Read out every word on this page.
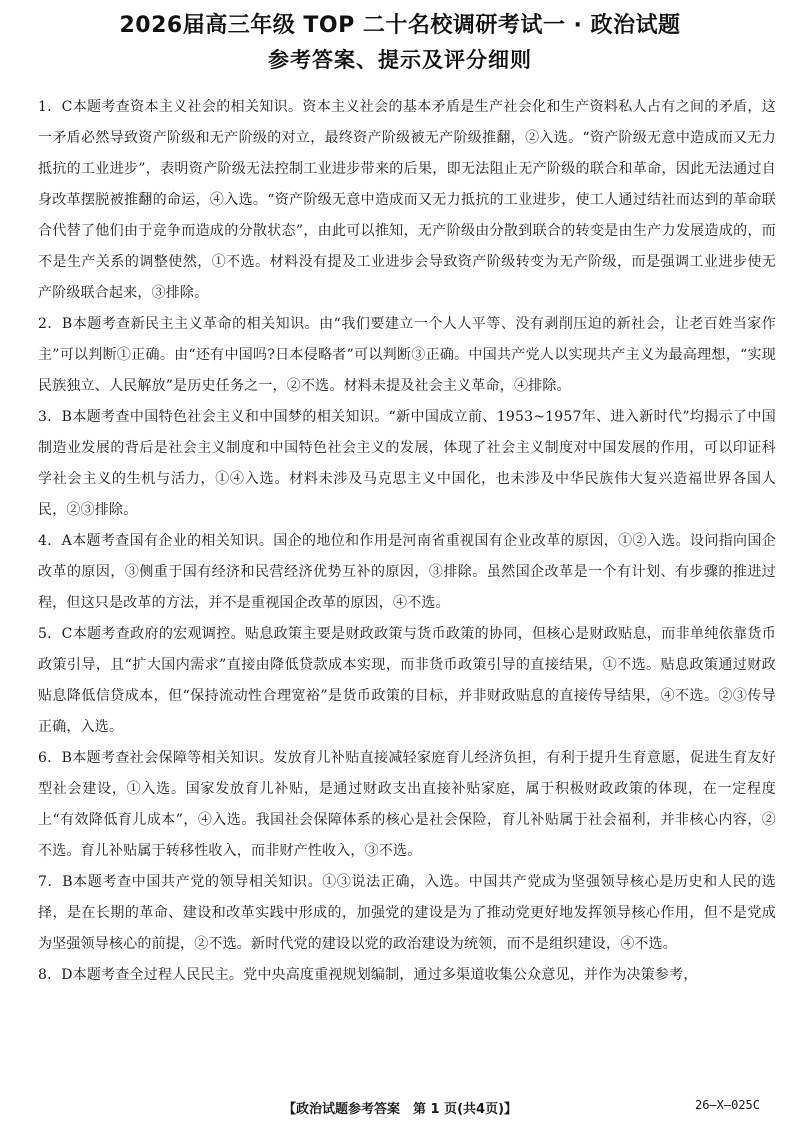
2026届高三年级 TOP 二十名校调研考试一 · 政治试题
参考答案、提示及评分细则

1．C本题考查资本主义社会的相关知识。资本主义社会的基本矛盾是生产社会化和生产资料私人占有之间的矛盾，这一矛盾必然导致资产阶级和无产阶级的对立，最终资产阶级被无产阶级推翻，②入选。“资产阶级无意中造成而又无力抵抗的工业进步”，表明资产阶级无法控制工业进步带来的后果，即无法阻止无产阶级的联合和革命，因此无法通过自身改革摆脱被推翻的命运，④入选。“资产阶级无意中造成而又无力抵抗的工业进步，使工人通过结社而达到的革命联合代替了他们由于竞争而造成的分散状态”，由此可以推知，无产阶级由分散到联合的转变是由生产力发展造成的，而不是生产关系的调整使然，①不选。材料没有提及工业进步会导致资产阶级转变为无产阶级，而是强调工业进步使无产阶级联合起来，③排除。

2．B本题考查新民主主义革命的相关知识。由“我们要建立一个人人平等、没有剥削压迫的新社会，让老百姓当家作主”可以判断①正确。由“还有中国吗?日本侵略者”可以判断③正确。中国共产党人以实现共产主义为最高理想，“实现民族独立、人民解放”是历史任务之一，②不选。材料未提及社会主义革命，④排除。

3．B本题考查中国特色社会主义和中国梦的相关知识。“新中国成立前、1953~1957年、进入新时代”均揭示了中国制造业发展的背后是社会主义制度和中国特色社会主义的发展，体现了社会主义制度对中国发展的作用，可以印证科学社会主义的生机与活力，①④入选。材料未涉及马克思主义中国化，也未涉及中华民族伟大复兴造福世界各国人民，②③排除。

4．A本题考查国有企业的相关知识。国企的地位和作用是河南省重视国有企业改革的原因，①②入选。设问指向国企改革的原因，③侧重于国有经济和民营经济优势互补的原因，③排除。虽然国企改革是一个有计划、有步骤的推进过程，但这只是改革的方法，并不是重视国企改革的原因，④不选。

5．C本题考查政府的宏观调控。贴息政策主要是财政政策与货币政策的协同，但核心是财政贴息，而非单纯依靠货币政策引导，且“扩大国内需求”直接由降低贷款成本实现，而非货币政策引导的直接结果，①不选。贴息政策通过财政贴息降低信贷成本，但“保持流动性合理宽裕”是货币政策的目标，并非财政贴息的直接传导结果，④不选。②③传导正确，入选。

6．B本题考查社会保障等相关知识。发放育儿补贴直接减轻家庭育儿经济负担，有利于提升生育意愿，促进生育友好型社会建设，①入选。国家发放育儿补贴，是通过财政支出直接补贴家庭，属于积极财政政策的体现，在一定程度上“有效降低育儿成本”，④入选。我国社会保障体系的核心是社会保险，育儿补贴属于社会福利，并非核心内容，②不选。育儿补贴属于转移性收入，而非财产性收入，③不选。

7．B本题考查中国共产党的领导相关知识。①③说法正确，入选。中国共产党成为坚强领导核心是历史和人民的选择，是在长期的革命、建设和改革实践中形成的，加强党的建设是为了推动党更好地发挥领导核心作用，但不是党成为坚强领导核心的前提，②不选。新时代党的建设以党的政治建设为统领，而不是组织建设，④不选。

8．D本题考查全过程人民民主。党中央高度重视规划编制，通过多渠道收集公众意见，并作为决策参考，

【政治试题参考答案　第 1 页(共4页)】	26—X—025C
